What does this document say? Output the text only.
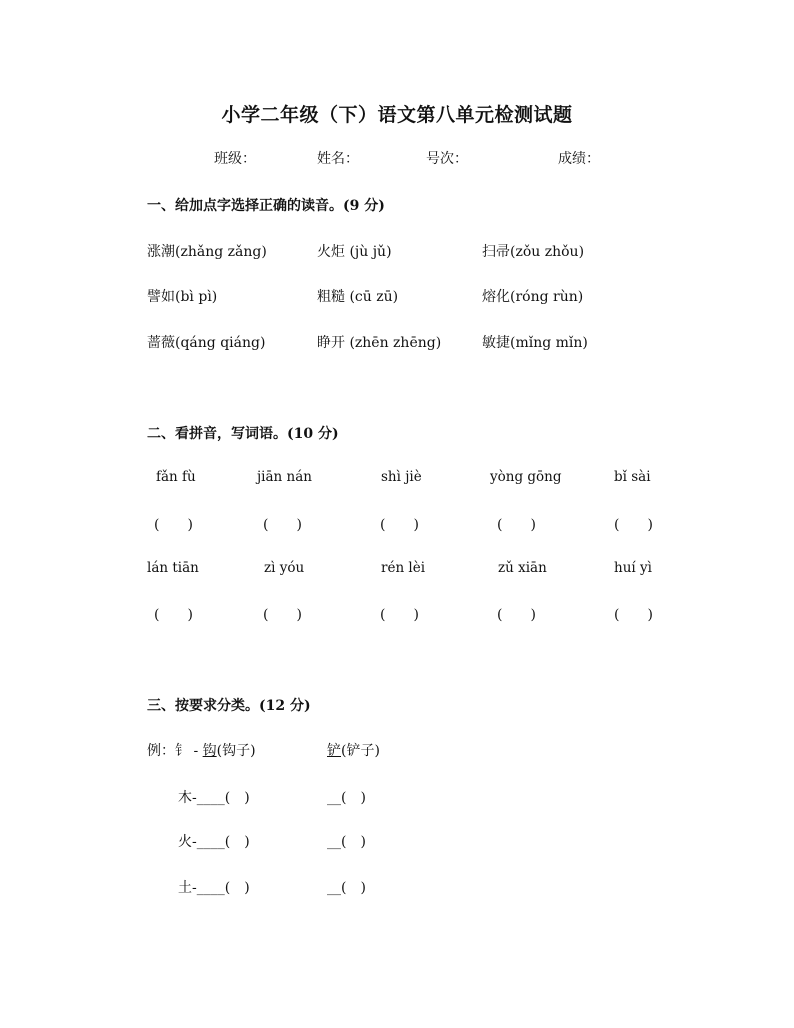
小学二年级（下）语文第八单元检测试题
班级：	姓名：	号次：	成绩：
一、给加点字选择正确的读音。(9 分)
涨潮(zhǎng zǎng)	火炬 (jù jǔ)	扫帚(zǒu zhǒu)
譬如(bì pì)	粗糙 (cū zū)	熔化(róng rùn)
蔷薇(qáng qiáng)	睁开 (zhēn zhēng)	敏捷(mǐng mǐn)
二、看拼音，写词语。(10 分)
fǎn fù	jiān nán	shì jiè	yòng gōng	bǐ sài
(　　)	(　　)	(　　)	(　　)	(　　)
lán tiān	zì yóu	rén lèi	zǔ xiān	huí yì
(　　)	(　　)	(　　)	(　　)	(　　)
三、按要求分类。(12 分)
例：钅 - 钩(钩子)	铲(铲子)
木-____(　)	__(　)
火-____(　)	__(　)
土-____(　)	__(　)
